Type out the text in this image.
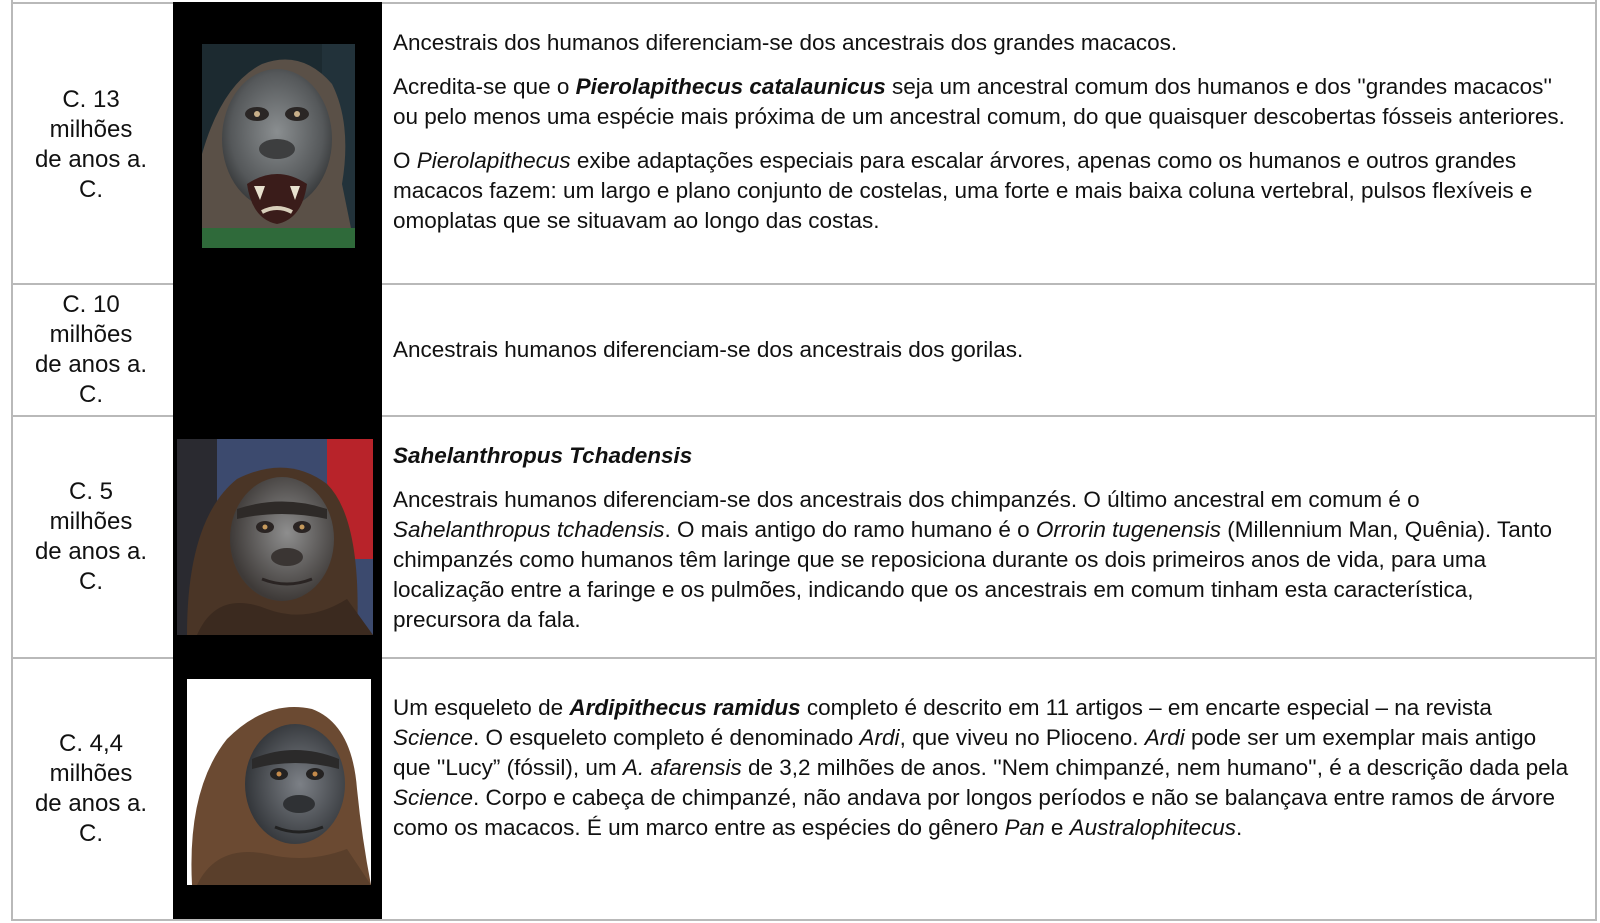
C. 13
milhões
de anos a.
C.

Ancestrais dos humanos diferenciam-se dos ancestrais dos grandes macacos.

Acredita-se que o Pierolapithecus catalaunicus seja um ancestral comum dos humanos e dos ''grandes macacos'' ou pelo menos uma espécie mais próxima de um ancestral comum, do que quaisquer descobertas fósseis anteriores.

O Pierolapithecus exibe adaptações especiais para escalar árvores, apenas como os humanos e outros grandes macacos fazem: um largo e plano conjunto de costelas, uma forte e mais baixa coluna vertebral, pulsos flexíveis e omoplatas que se situavam ao longo das costas.

C. 10
milhões
de anos a.
C.

Ancestrais humanos diferenciam-se dos ancestrais dos gorilas.

C. 5
milhões
de anos a.
C.

Sahelanthropus Tchadensis

Ancestrais humanos diferenciam-se dos ancestrais dos chimpanzés. O último ancestral em comum é o Sahelanthropus tchadensis. O mais antigo do ramo humano é o Orrorin tugenensis (Millennium Man, Quênia). Tanto chimpanzés como humanos têm laringe que se reposiciona durante os dois primeiros anos de vida, para uma localização entre a faringe e os pulmões, indicando que os ancestrais em comum tinham esta característica, precursora da fala.

C. 4,4
milhões
de anos a.
C.

Um esqueleto de Ardipithecus ramidus completo é descrito em 11 artigos – em encarte especial – na revista Science. O esqueleto completo é denominado Ardi, que viveu no Plioceno. Ardi pode ser um exemplar mais antigo que ''Lucy” (fóssil), um A. afarensis de 3,2 milhões de anos. ''Nem chimpanzé, nem humano'', é a descrição dada pela Science. Corpo e cabeça de chimpanzé, não andava por longos períodos e não se balançava entre ramos de árvore como os macacos. É um marco entre as espécies do gênero Pan e Australophitecus.
